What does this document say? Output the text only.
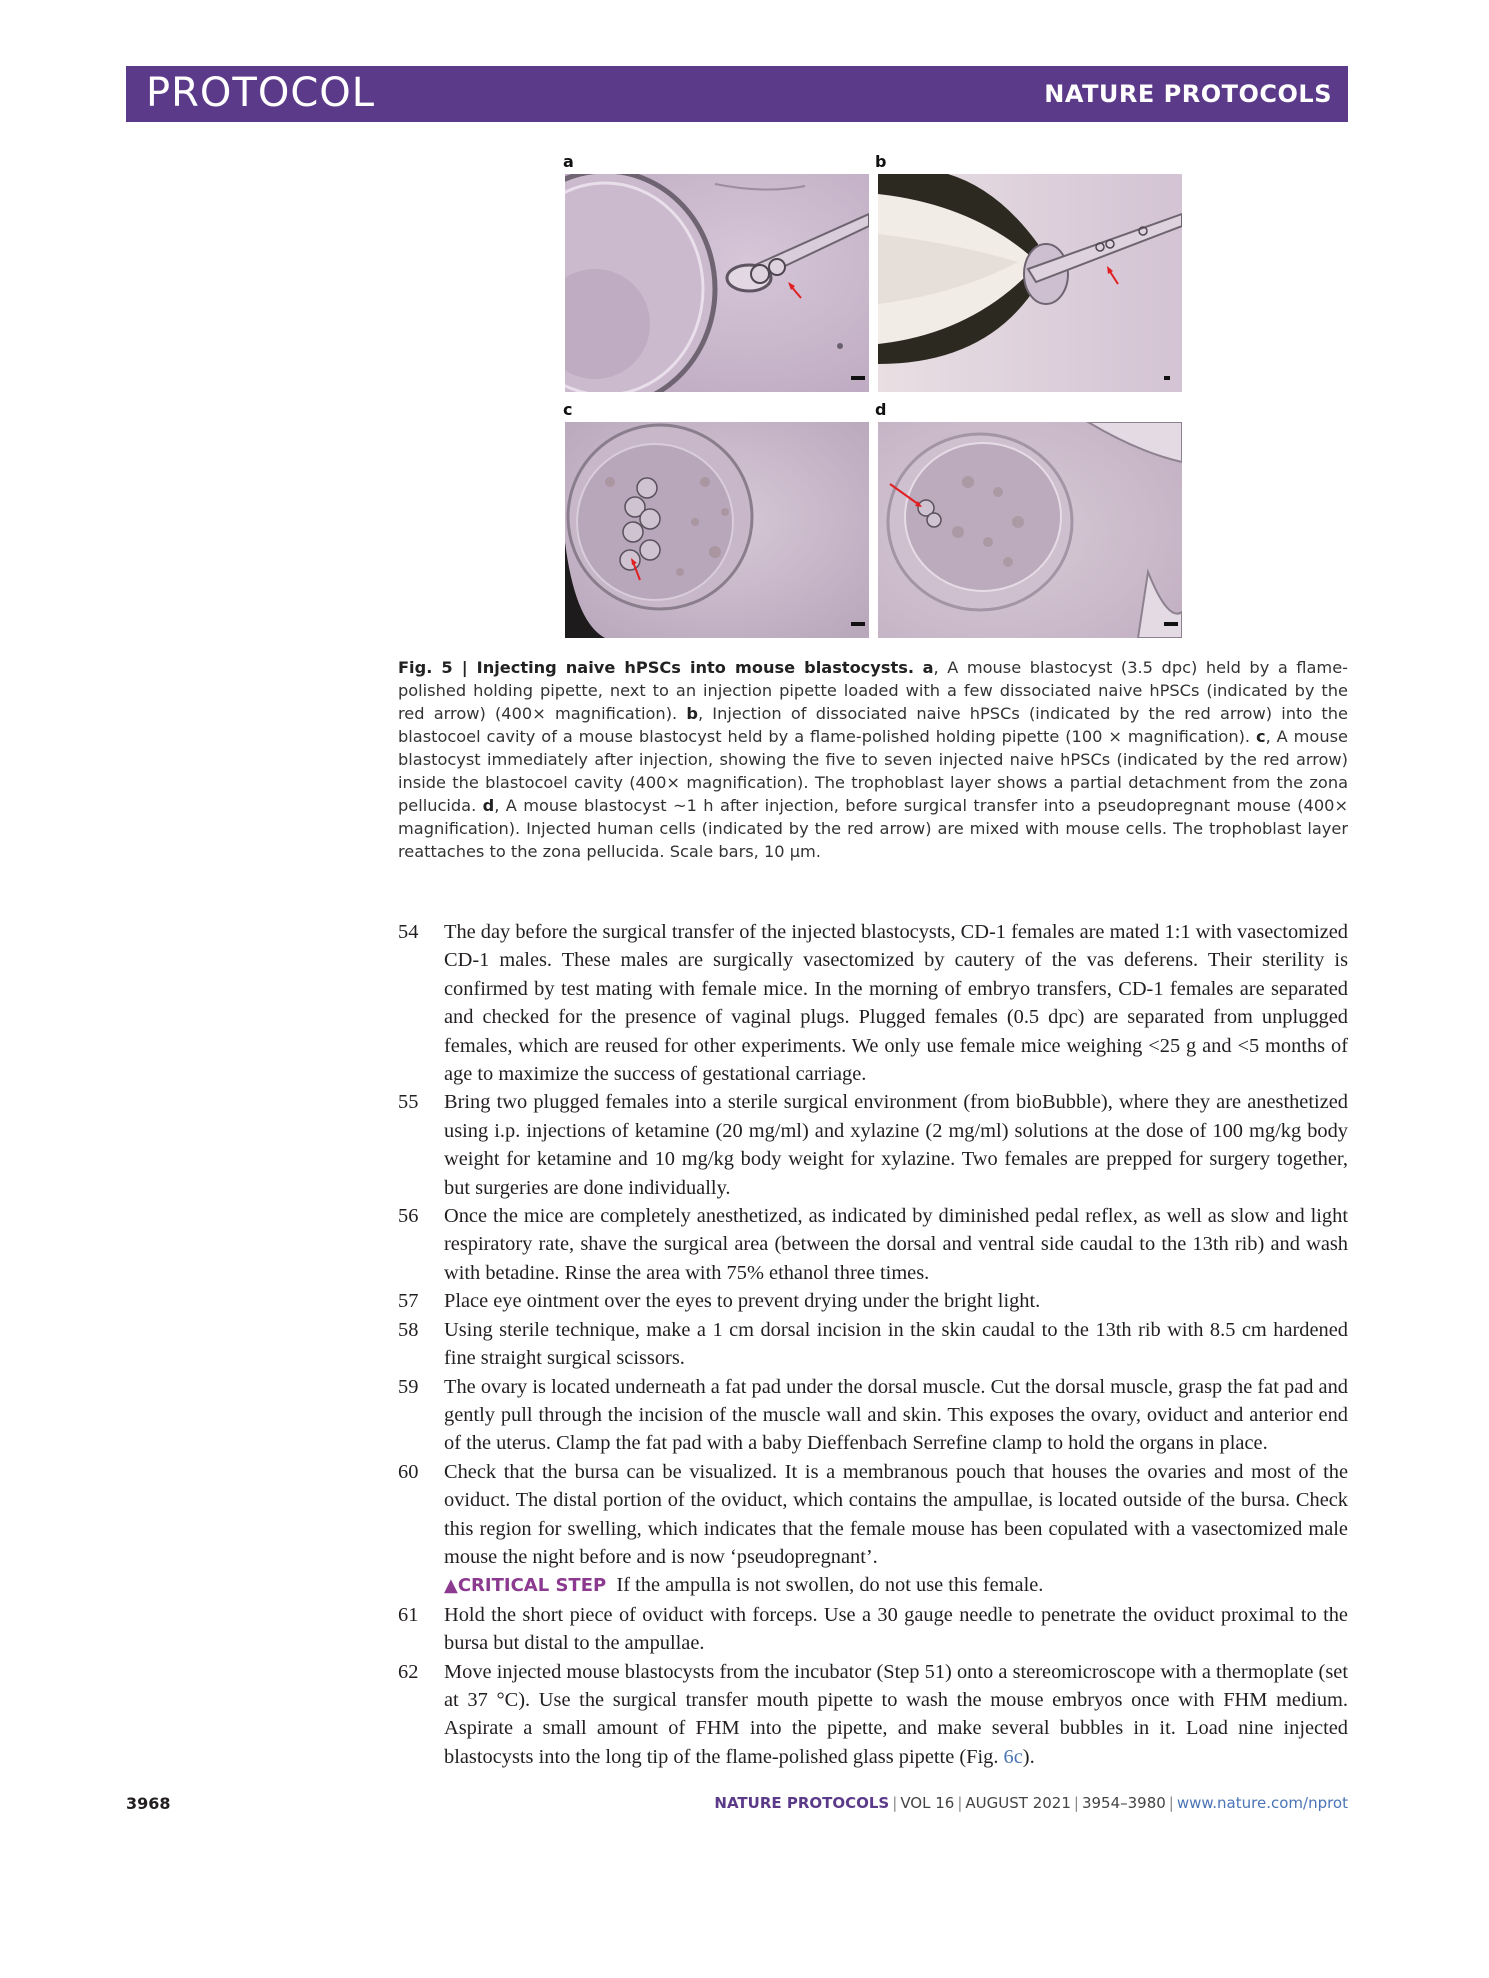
PROTOCOL	NATURE PROTOCOLS
a	b
c	d
Fig. 5 | Injecting naive hPSCs into mouse blastocysts. a, A mouse blastocyst (3.5 dpc) held by a flame-polished holding pipette, next to an injection pipette loaded with a few dissociated naive hPSCs (indicated by the red arrow) (400× magnification). b, Injection of dissociated naive hPSCs (indicated by the red arrow) into the blastocoel cavity of a mouse blastocyst held by a flame-polished holding pipette (100 × magnification). c, A mouse blastocyst immediately after injection, showing the five to seven injected naive hPSCs (indicated by the red arrow) inside the blastocoel cavity (400× magnification). The trophoblast layer shows a partial detachment from the zona pellucida. d, A mouse blastocyst ~1 h after injection, before surgical transfer into a pseudopregnant mouse (400× magnification). Injected human cells (indicated by the red arrow) are mixed with mouse cells. The trophoblast layer reattaches to the zona pellucida. Scale bars, 10 μm.
54 The day before the surgical transfer of the injected blastocysts, CD-1 females are mated 1:1 with vasectomized CD-1 males. These males are surgically vasectomized by cautery of the vas deferens. Their sterility is confirmed by test mating with female mice. In the morning of embryo transfers, CD-1 females are separated and checked for the presence of vaginal plugs. Plugged females (0.5 dpc) are separated from unplugged females, which are reused for other experiments. We only use female mice weighing <25 g and <5 months of age to maximize the success of gestational carriage.
55 Bring two plugged females into a sterile surgical environment (from bioBubble), where they are anesthetized using i.p. injections of ketamine (20 mg/ml) and xylazine (2 mg/ml) solutions at the dose of 100 mg/kg body weight for ketamine and 10 mg/kg body weight for xylazine. Two females are prepped for surgery together, but surgeries are done individually.
56 Once the mice are completely anesthetized, as indicated by diminished pedal reflex, as well as slow and light respiratory rate, shave the surgical area (between the dorsal and ventral side caudal to the 13th rib) and wash with betadine. Rinse the area with 75% ethanol three times.
57 Place eye ointment over the eyes to prevent drying under the bright light.
58 Using sterile technique, make a 1 cm dorsal incision in the skin caudal to the 13th rib with 8.5 cm hardened fine straight surgical scissors.
59 The ovary is located underneath a fat pad under the dorsal muscle. Cut the dorsal muscle, grasp the fat pad and gently pull through the incision of the muscle wall and skin. This exposes the ovary, oviduct and anterior end of the uterus. Clamp the fat pad with a baby Dieffenbach Serrefine clamp to hold the organs in place.
60 Check that the bursa can be visualized. It is a membranous pouch that houses the ovaries and most of the oviduct. The distal portion of the oviduct, which contains the ampullae, is located outside of the bursa. Check this region for swelling, which indicates that the female mouse has been copulated with a vasectomized male mouse the night before and is now ‘pseudopregnant’.
▲CRITICAL STEP If the ampulla is not swollen, do not use this female.
61 Hold the short piece of oviduct with forceps. Use a 30 gauge needle to penetrate the oviduct proximal to the bursa but distal to the ampullae.
62 Move injected mouse blastocysts from the incubator (Step 51) onto a stereomicroscope with a thermoplate (set at 37 °C). Use the surgical transfer mouth pipette to wash the mouse embryos once with FHM medium. Aspirate a small amount of FHM into the pipette, and make several bubbles in it. Load nine injected blastocysts into the long tip of the flame-polished glass pipette (Fig. 6c).
3968	NATURE PROTOCOLS | VOL 16 | AUGUST 2021 | 3954–3980 | www.nature.com/nprot
